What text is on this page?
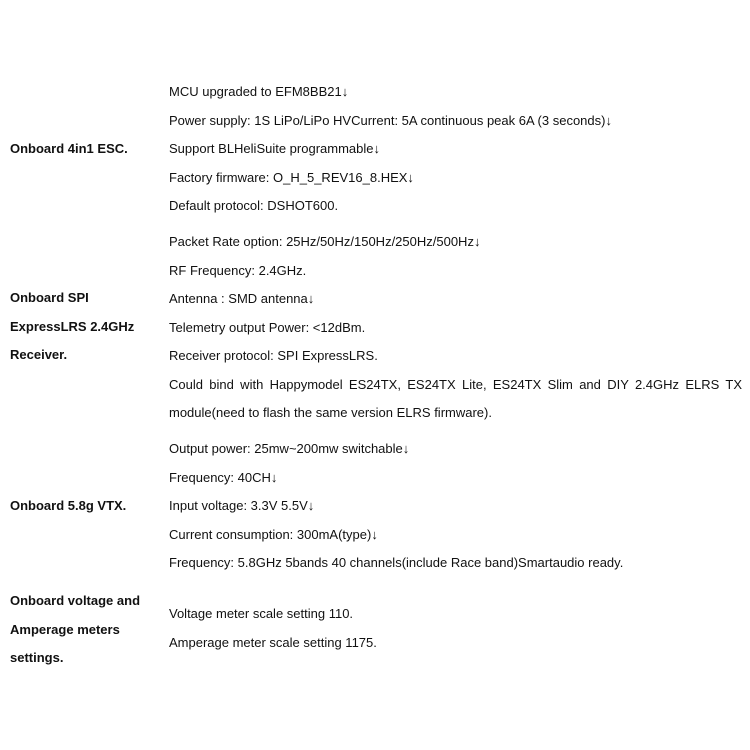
Onboard 4in1 ESC.
MCU upgraded to EFM8BB21↓
Power supply: 1S LiPo/LiPo HVCurrent: 5A continuous peak 6A (3 seconds)↓
Support BLHeliSuite programmable↓
Factory firmware: O_H_5_REV16_8.HEX↓
Default protocol: DSHOT600.
Onboard SPI
ExpressLRS 2.4GHz
Receiver.
Packet Rate option: 25Hz/50Hz/150Hz/250Hz/500Hz↓
RF Frequency: 2.4GHz.
Antenna : SMD antenna↓
Telemetry output Power: <12dBm.
Receiver protocol: SPI ExpressLRS.
Could bind with Happymodel ES24TX, ES24TX Lite, ES24TX Slim and DIY 2.4GHz ELRS TX module(need to flash the same version ELRS firmware).
Onboard 5.8g VTX.
Output power: 25mw~200mw switchable↓
Frequency: 40CH↓
Input voltage: 3.3V 5.5V↓
Current consumption: 300mA(type)↓
Frequency: 5.8GHz 5bands 40 channels(include Race band)Smartaudio ready.
Onboard voltage and
Amperage meters
settings.
Voltage meter scale setting 110.
Amperage meter scale setting 1175.
